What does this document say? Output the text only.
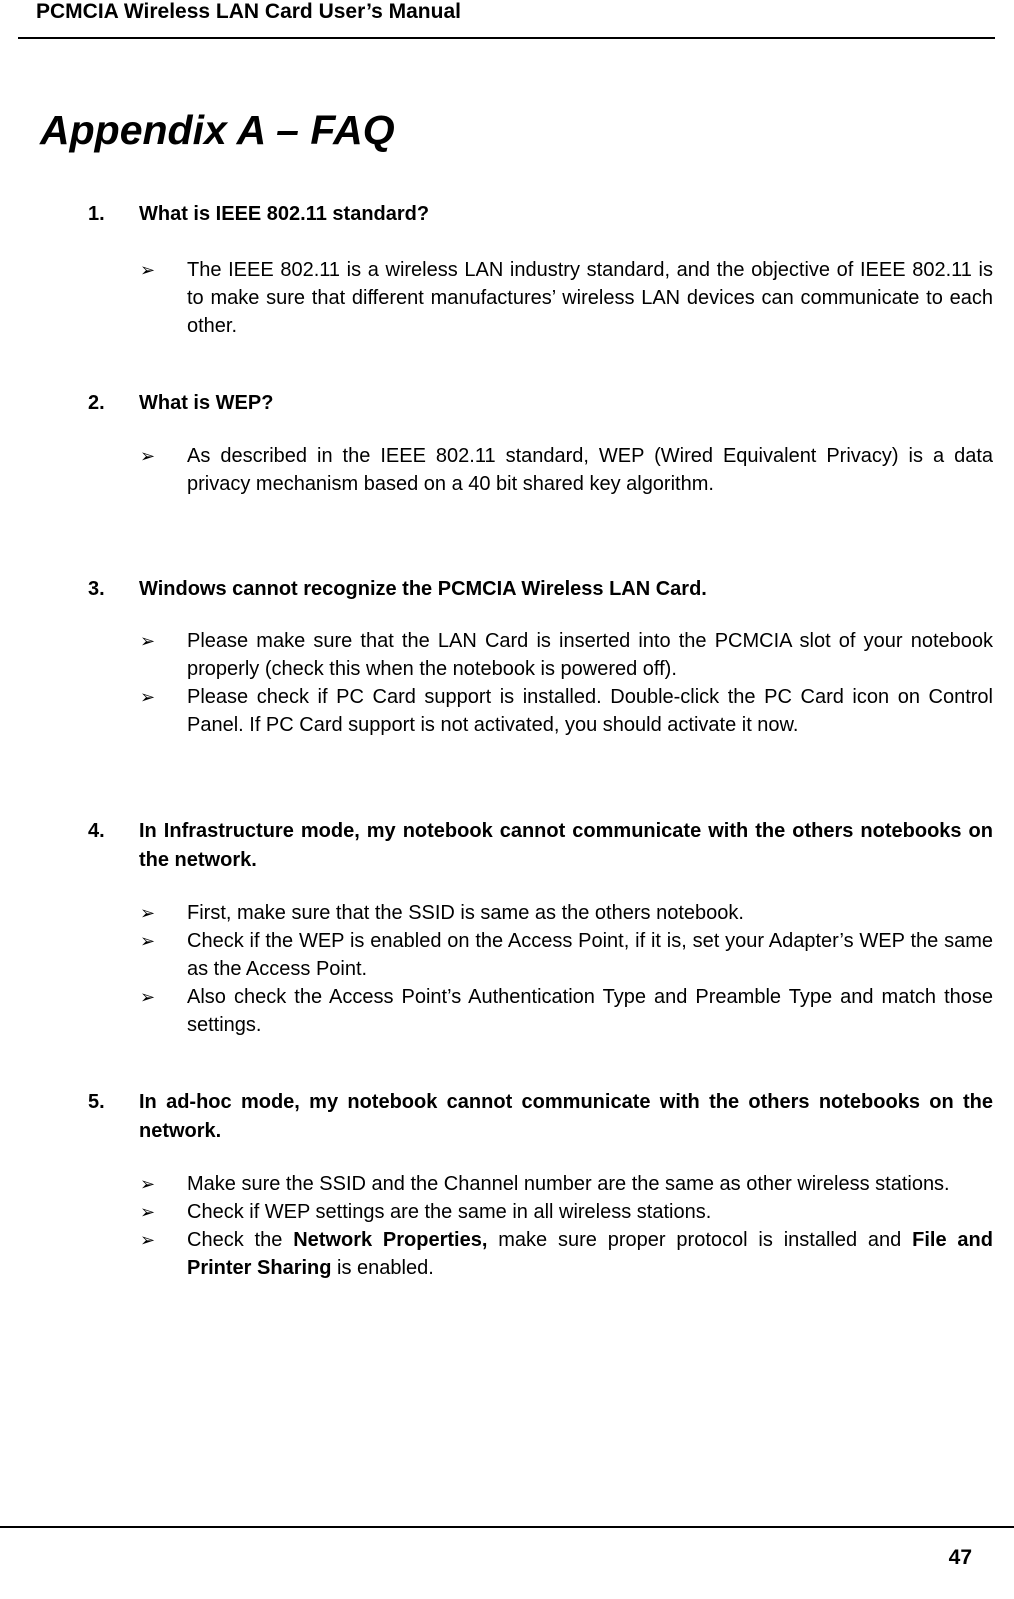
PCMCIA Wireless LAN Card User’s Manual
Appendix A – FAQ
1. What is IEEE 802.11 standard?
➢ The IEEE 802.11 is a wireless LAN industry standard, and the objective of IEEE 802.11 is to make sure that different manufactures’ wireless LAN devices can communicate to each other.
2. What is WEP?
➢ As described in the IEEE 802.11 standard, WEP (Wired Equivalent Privacy) is a data privacy mechanism based on a 40 bit shared key algorithm.
3. Windows cannot recognize the PCMCIA Wireless LAN Card.
➢ Please make sure that the LAN Card is inserted into the PCMCIA slot of your notebook properly (check this when the notebook is powered off).
➢ Please check if PC Card support is installed. Double-click the PC Card icon on Control Panel. If PC Card support is not activated, you should activate it now.
4. In Infrastructure mode, my notebook cannot communicate with the others notebooks on the network.
➢ First, make sure that the SSID is same as the others notebook.
➢ Check if the WEP is enabled on the Access Point, if it is, set your Adapter’s WEP the same as the Access Point.
➢ Also check the Access Point’s Authentication Type and Preamble Type and match those settings.
5. In ad-hoc mode, my notebook cannot communicate with the others notebooks on the network.
➢ Make sure the SSID and the Channel number are the same as other wireless stations.
➢ Check if WEP settings are the same in all wireless stations.
➢ Check the Network Properties, make sure proper protocol is installed and File and Printer Sharing is enabled.
47
